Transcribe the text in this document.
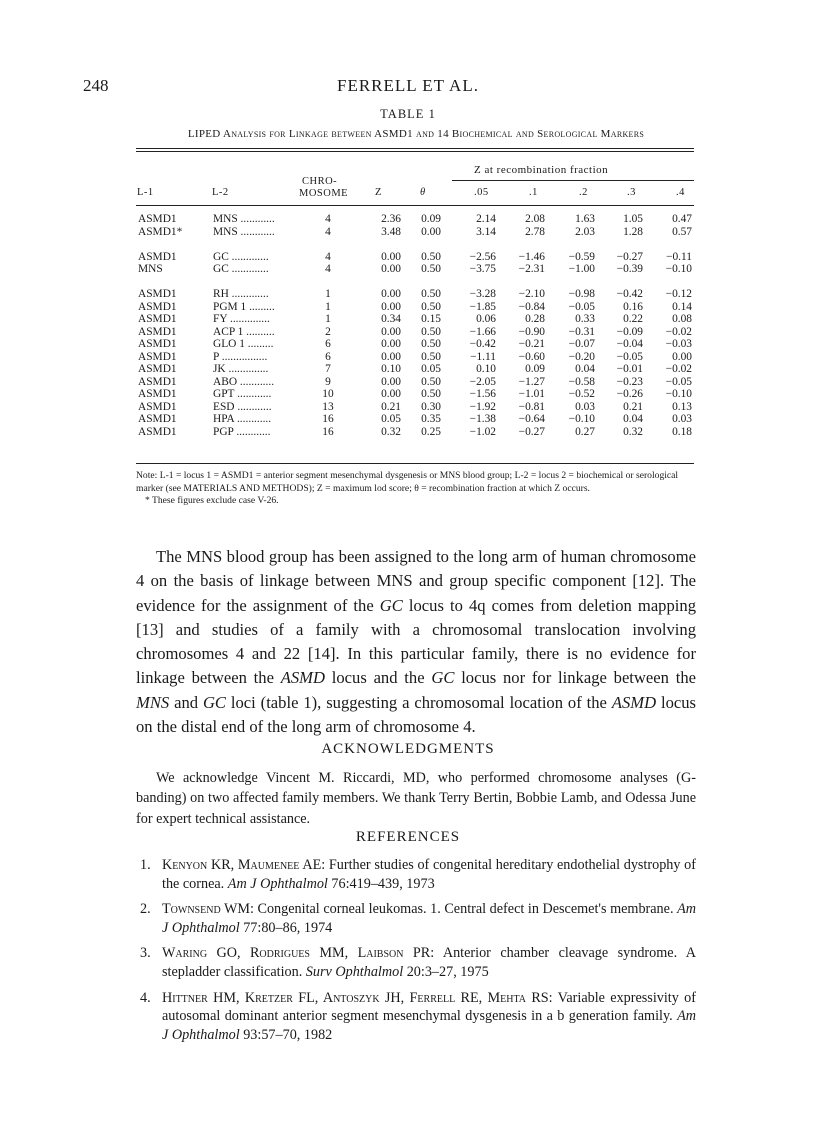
248	FERRELL ET AL.
TABLE 1
LIPED Analysis for Linkage between ASMD1 and 14 Biochemical and Serological Markers
Z at recombination fraction
L-1	L-2
CHRO-
MOSOME	Z	θ	.05	.1	.2	.3	.4
ASMD1	MNS ............	4	2.36	0.09	2.14	2.08	1.63	1.05	0.47
ASMD1*	MNS ............	4	3.48	0.00	3.14	2.78	2.03	1.28	0.57

ASMD1	GC .............	4	0.00	0.50	−2.56	−1.46	−0.59	−0.27	−0.11
MNS	GC .............	4	0.00	0.50	−3.75	−2.31	−1.00	−0.39	−0.10

ASMD1	RH .............	1	0.00	0.50	−3.28	−2.10	−0.98	−0.42	−0.12
ASMD1	PGM 1 .........	1	0.00	0.50	−1.85	−0.84	−0.05	0.16	0.14
ASMD1	FY ..............	1	0.34	0.15	0.06	0.28	0.33	0.22	0.08
ASMD1	ACP 1 ..........	2	0.00	0.50	−1.66	−0.90	−0.31	−0.09	−0.02
ASMD1	GLO 1 .........	6	0.00	0.50	−0.42	−0.21	−0.07	−0.04	−0.03
ASMD1	P ................	6	0.00	0.50	−1.11	−0.60	−0.20	−0.05	0.00
ASMD1	JK ..............	7	0.10	0.05	0.10	0.09	0.04	−0.01	−0.02
ASMD1	ABO ............	9	0.00	0.50	−2.05	−1.27	−0.58	−0.23	−0.05
ASMD1	GPT ............	10	0.00	0.50	−1.56	−1.01	−0.52	−0.26	−0.10
ASMD1	ESD ............	13	0.21	0.30	−1.92	−0.81	0.03	0.21	0.13
ASMD1	HPA ............	16	0.05	0.35	−1.38	−0.64	−0.10	0.04	0.03
ASMD1	PGP ............	16	0.32	0.25	−1.02	−0.27	0.27	0.32	0.18

Note: L-1 = locus 1 = ASMD1 = anterior segment mesenchymal dysgenesis or MNS blood group; L-2 = locus 2 = biochemical or serological marker (see MATERIALS AND METHODS); Z = maximum lod score; θ = recombination fraction at which Z occurs.

* These figures exclude case V-26.

The MNS blood group has been assigned to the long arm of human chromosome 4 on the basis of linkage between MNS and group specific component [12]. The evidence for the assignment of the GC locus to 4q comes from deletion mapping [13] and studies of a family with a chromosomal translocation involving chromosomes 4 and 22 [14]. In this particular family, there is no evidence for linkage between the ASMD locus and the GC locus nor for linkage between the MNS and GC loci (table 1), suggesting a chromosomal location of the ASMD locus on the distal end of the long arm of chromosome 4.

ACKNOWLEDGMENTS

We acknowledge Vincent M. Riccardi, MD, who performed chromosome analyses (G-banding) on two affected family members. We thank Terry Bertin, Bobbie Lamb, and Odessa June for expert technical assistance.

REFERENCES
1. Kenyon KR, Maumenee AE: Further studies of congenital hereditary endothelial dystrophy of the cornea. Am J Ophthalmol 76:419–439, 1973
2. Townsend WM: Congenital corneal leukomas. 1. Central defect in Descemet's membrane. Am J Ophthalmol 77:80–86, 1974
3. Waring GO, Rodrigues MM, Laibson PR: Anterior chamber cleavage syndrome. A stepladder classification. Surv Ophthalmol 20:3–27, 1975
4. Hittner HM, Kretzer FL, Antoszyk JH, Ferrell RE, Mehta RS: Variable expressivity of autosomal dominant anterior segment mesenchymal dysgenesis in a b generation family. Am J Ophthalmol 93:57–70, 1982
